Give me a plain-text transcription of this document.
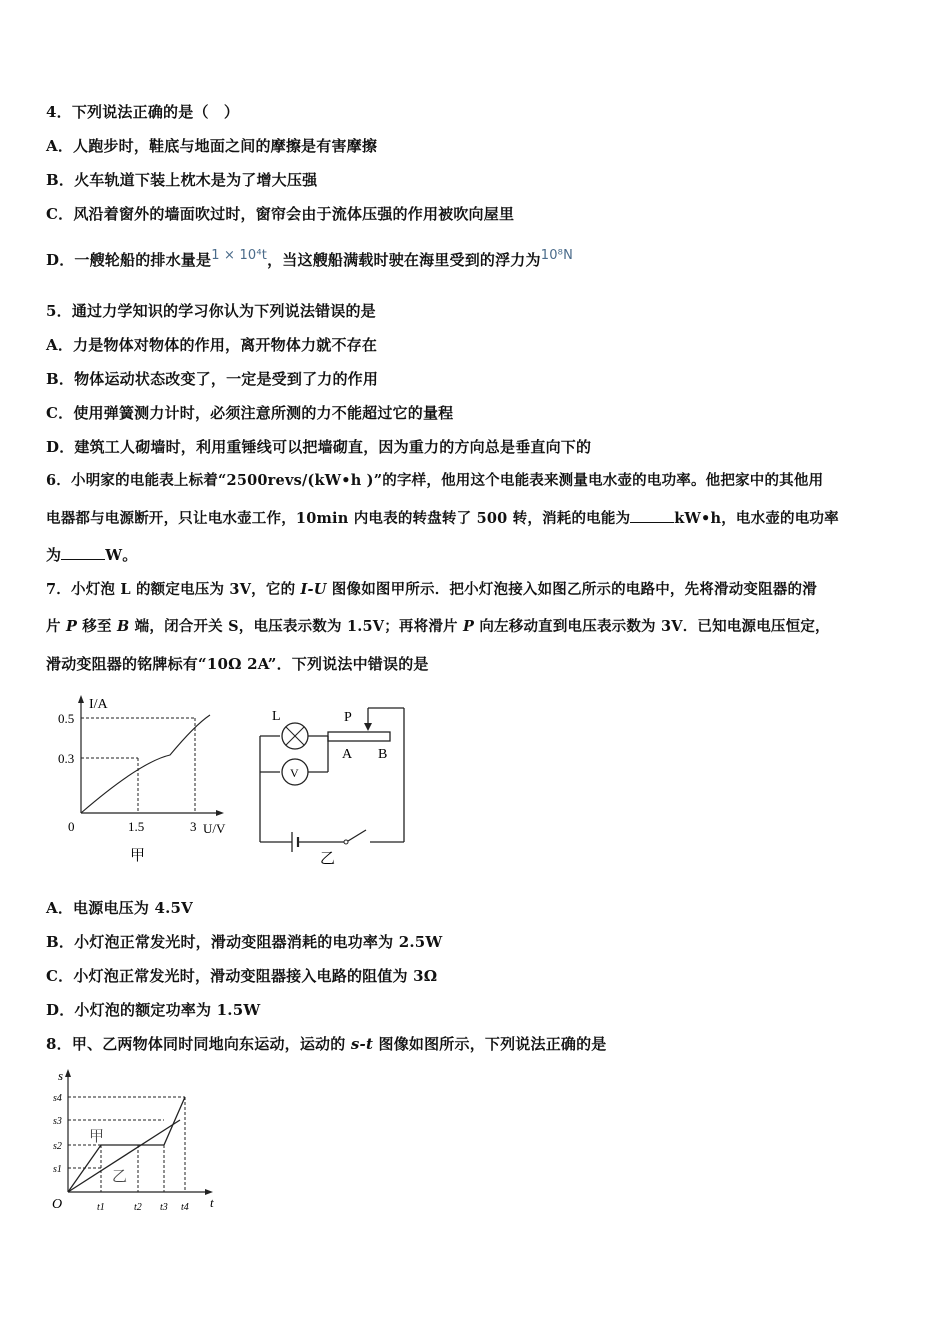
4．下列说法正确的是（　）
A．人跑步时，鞋底与地面之间的摩擦是有害摩擦
B．火车轨道下装上枕木是为了增大压强
C．风沿着窗外的墙面吹过时，窗帘会由于流体压强的作用被吹向屋里
D．一艘轮船的排水量是1 × 10⁴t，当这艘船满载时驶在海里受到的浮力为10⁸N
5．通过力学知识的学习你认为下列说法错误的是
A．力是物体对物体的作用，离开物体力就不存在
B．物体运动状态改变了，一定是受到了力的作用
C．使用弹簧测力计时，必须注意所测的力不能超过它的量程
D．建筑工人砌墙时，利用重锤线可以把墙砌直，因为重力的方向总是垂直向下的
6．小明家的电能表上标着“2500revs/(kW•h )”的字样，他用这个电能表来测量电水壶的电功率。他把家中的其他用
电器都与电源断开，只让电水壶工作，10min 内电表的转盘转了 500 转，消耗的电能为	kW•h，电水壶的电功率
为	W。
7．小灯泡 L 的额定电压为 3V，它的 I-U 图像如图甲所示．把小灯泡接入如图乙所示的电路中，先将滑动变阻器的滑
片 P 移至 B 端，闭合开关 S，电压表示数为 1.5V；再将滑片 P 向左移动直到电压表示数为 3V．已知电源电压恒定，
滑动变阻器的铭牌标有“10Ω 2A”．下列说法中错误的是
I/A
0.5
0.3
0	1.5	3 U/V
甲
L	P
V
A B
乙
A．电源电压为 4.5V
B．小灯泡正常发光时，滑动变阻器消耗的电功率为 2.5W
C．小灯泡正常发光时，滑动变阻器接入电路的阻值为 3Ω
D．小灯泡的额定功率为 1.5W
8．甲、乙两物体同时同地向东运动，运动的 s-t 图像如图所示，下列说法正确的是
s
s4
s3
s2
s1
O	t1	t2 t3 t4 t
甲
乙
